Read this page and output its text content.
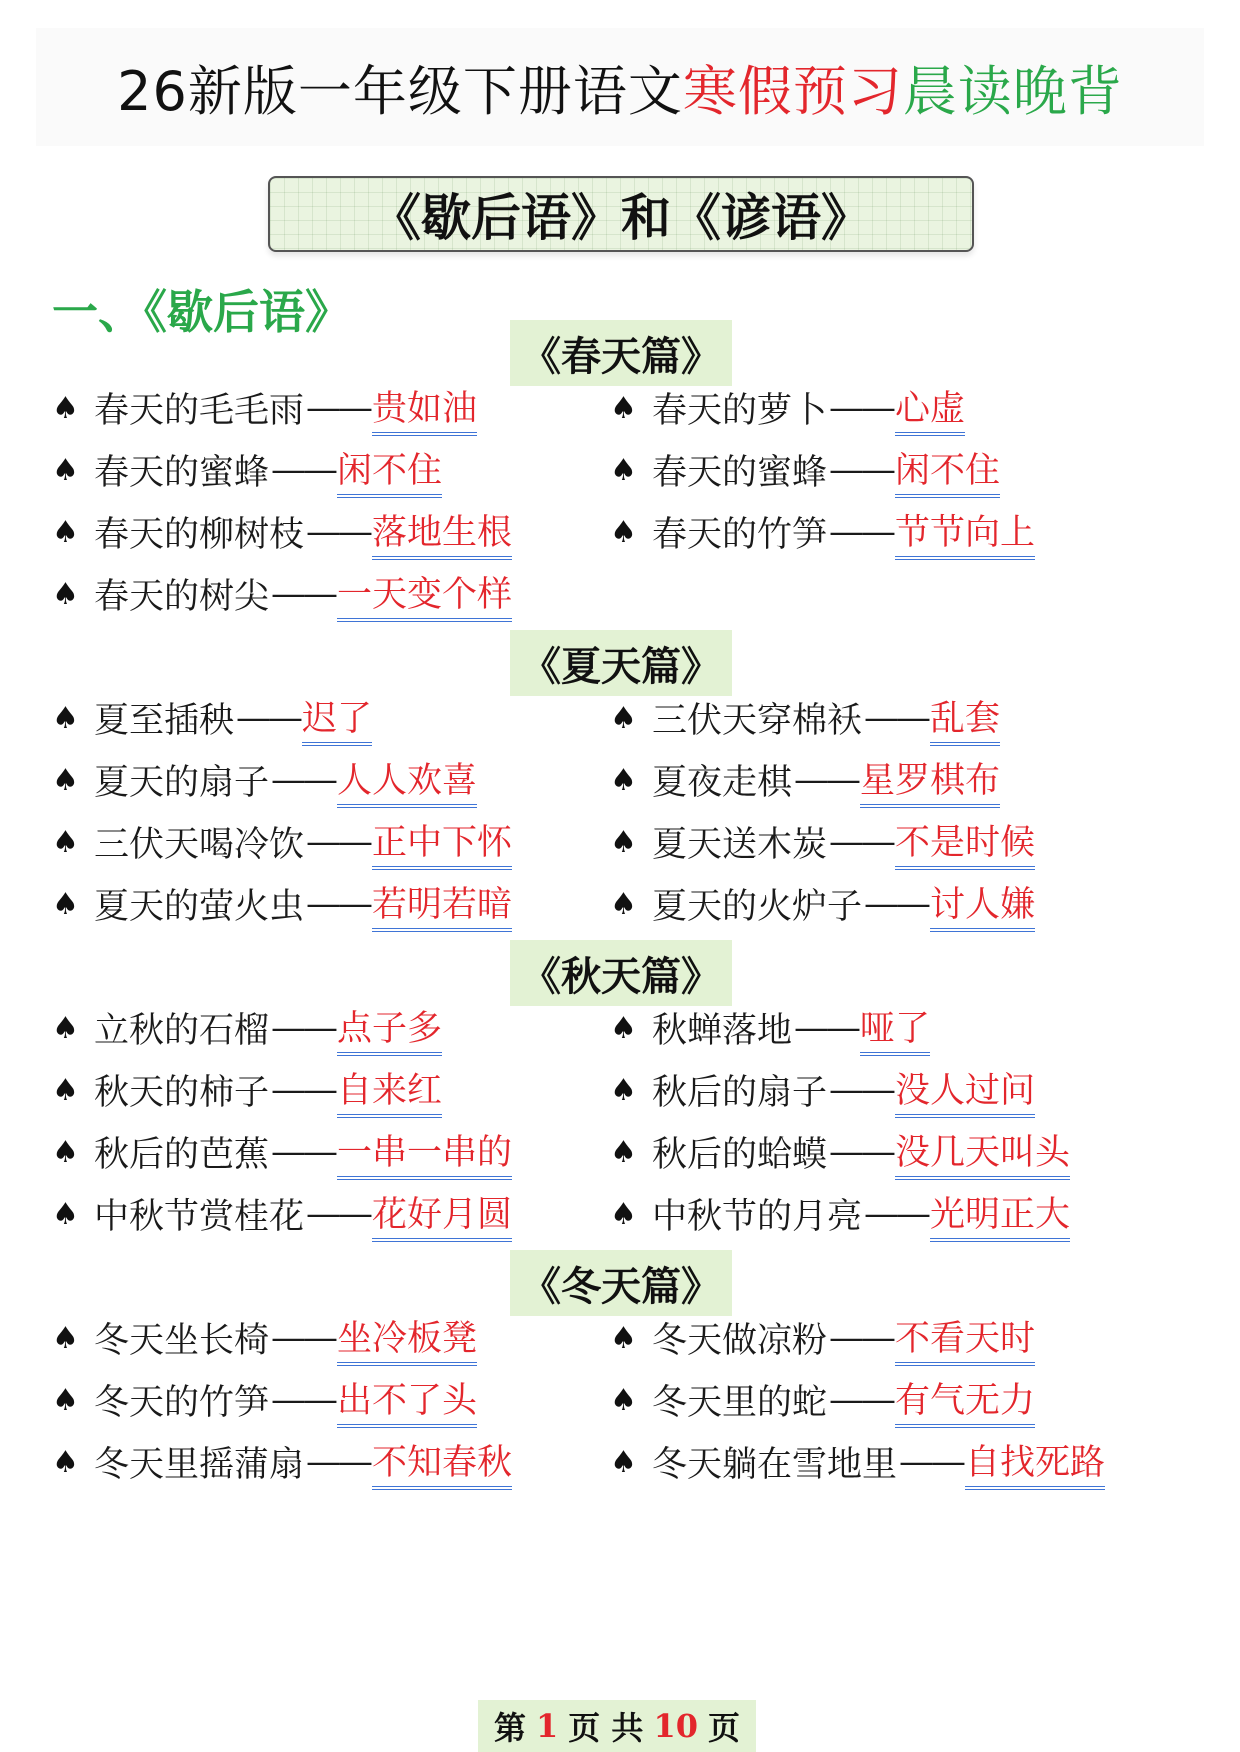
26新版一年级下册语文 寒假预习 晨读晚背
《歇后语》和《谚语》
一、《歇后语》
《春天篇》
♠ 春天的毛毛雨 —— 贵如油	♠ 春天的萝卜 —— 心虚
♠ 春天的蜜蜂 —— 闲不住	♠ 春天的蜜蜂 —— 闲不住
♠ 春天的柳树枝 —— 落地生根	♠ 春天的竹笋 —— 节节向上
♠ 春天的树尖 —— 一天变个样
《夏天篇》
♠ 夏至插秧 —— 迟了	♠ 三伏天穿棉袄 —— 乱套
♠ 夏天的扇子 —— 人人欢喜	♠ 夏夜走棋 —— 星罗棋布
♠ 三伏天喝冷饮 —— 正中下怀	♠ 夏天送木炭 —— 不是时候
♠ 夏天的萤火虫 —— 若明若暗	♠ 夏天的火炉子 —— 讨人嫌
《秋天篇》
♠ 立秋的石榴 —— 点子多	♠ 秋蝉落地 —— 哑了
♠ 秋天的柿子 —— 自来红	♠ 秋后的扇子 —— 没人过问
♠ 秋后的芭蕉 —— 一串一串的	♠ 秋后的蛤蟆 —— 没几天叫头
♠ 中秋节赏桂花 —— 花好月圆	♠ 中秋节的月亮 —— 光明正大
《冬天篇》
♠ 冬天坐长椅 —— 坐冷板凳	♠ 冬天做凉粉 —— 不看天时
♠ 冬天的竹笋 —— 出不了头	♠ 冬天里的蛇 —— 有气无力
♠ 冬天里摇蒲扇 —— 不知春秋	♠ 冬天躺在雪地里 —— 自找死路
第 1 页 共 10 页
